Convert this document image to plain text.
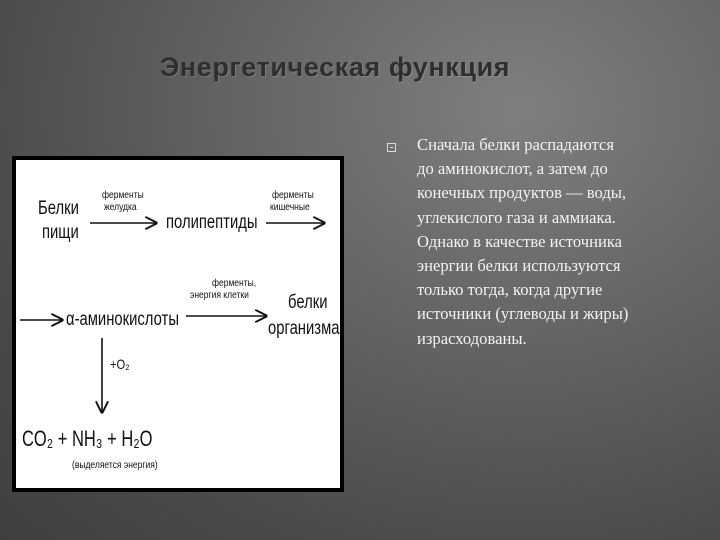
Энергетическая функция
Белки
пищи
ферменты
желудка
полипептиды
ферменты
кишечные
ферменты,
энергия клетки
α-аминокислоты
белки
организма
+O₂
CO₂ + NH₃ + H₂O
(выделяется энергия)
Сначала белки распадаются
до аминокислот, а затем до
конечных продуктов — воды,
углекислого газа и аммиака.
Однако в качестве источника
энергии белки используются
только тогда, когда другие
источники (углеводы и жиры)
израсходованы.
